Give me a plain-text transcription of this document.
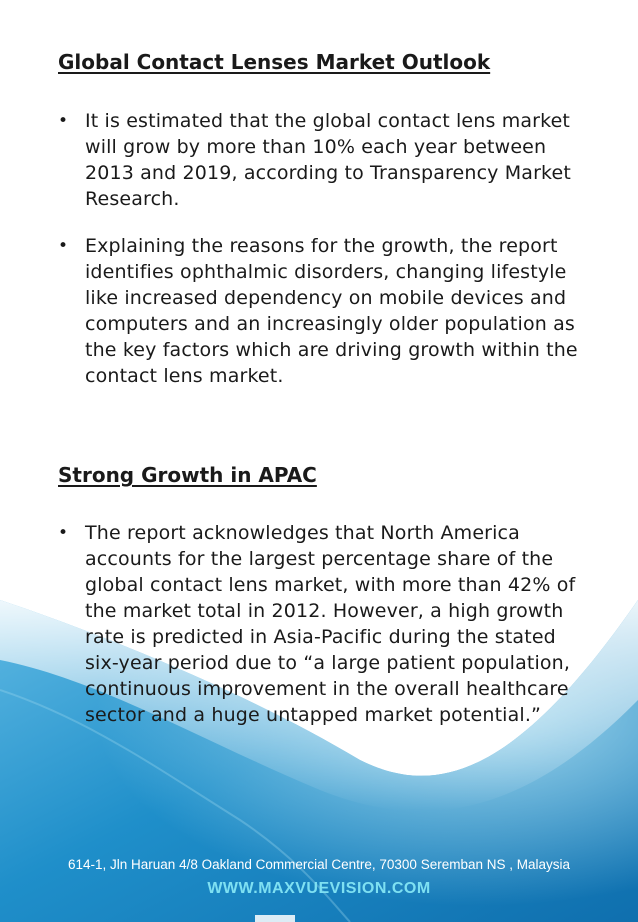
Global Contact Lenses Market Outlook
• It is estimated that the global contact lens market will grow by more than 10% each year between 2013 and 2019, according to Transparency Market Research.
• Explaining the reasons for the growth, the report identifies ophthalmic disorders, changing lifestyle like increased dependency on mobile devices and computers and an increasingly older population as the key factors which are driving growth within the contact lens market.
Strong Growth in APAC
• The report acknowledges that North America accounts for the largest percentage share of the global contact lens market, with more than 42% of the market total in 2012. However, a high growth rate is predicted in Asia-Pacific during the stated six-year period due to “a large patient population, continuous improvement in the overall healthcare sector and a huge untapped market potential.”
614-1, Jln Haruan 4/8 Oakland Commercial Centre, 70300 Seremban NS , Malaysia
WWW.MAXVUEVISION.COM
